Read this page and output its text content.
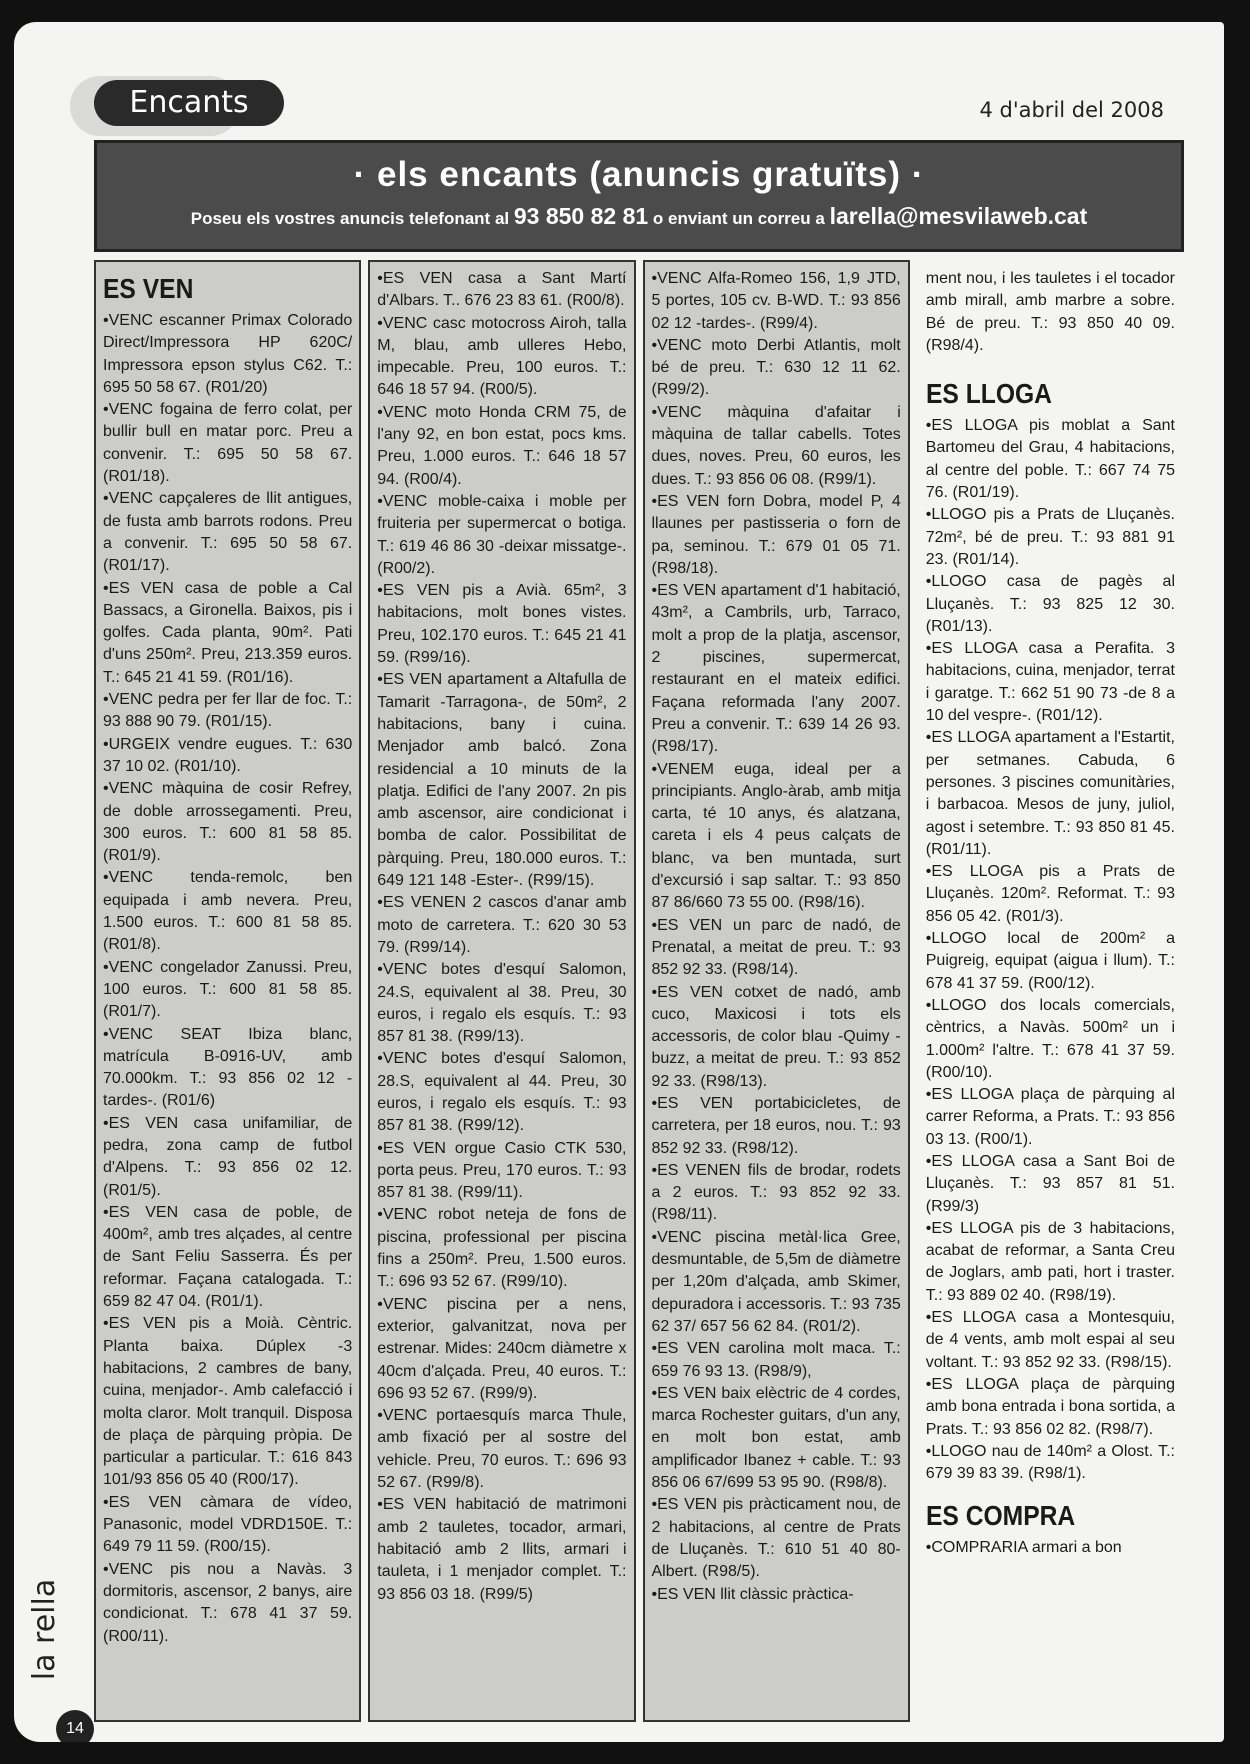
Encants	4 d'abril del 2008
· els encants (anuncis gratuïts) ·
Poseu els vostres anuncis telefonant al 93 850 82 81 o enviant un correu a larella@mesvilaweb.cat
ES VEN

•VENC escanner Primax Colorado Direct/Impressora HP 620C/ Impressora epson stylus C62. T.: 695 50 58 67. (R01/20)

•VENC fogaina de ferro colat, per bullir bull en matar porc. Preu a convenir. T.: 695 50 58 67. (R01/18).

•VENC capçaleres de llit antigues, de fusta amb barrots rodons. Preu a convenir. T.: 695 50 58 67. (R01/17).

•ES VEN casa de poble a Cal Bassacs, a Gironella. Baixos, pis i golfes. Cada planta, 90m². Pati d'uns 250m². Preu, 213.359 euros. T.: 645 21 41 59. (R01/16).

•VENC pedra per fer llar de foc. T.: 93 888 90 79. (R01/15).

•URGEIX vendre eugues. T.: 630 37 10 02. (R01/10).

•VENC màquina de cosir Refrey, de doble arrossegamenti. Preu, 300 euros. T.: 600 81 58 85. (R01/9).

•VENC tenda-remolc, ben equipada i amb nevera. Preu, 1.500 euros. T.: 600 81 58 85. (R01/8).

•VENC congelador Zanussi. Preu, 100 euros. T.: 600 81 58 85. (R01/7).

•VENC SEAT Ibiza blanc, matrícula B-0916-UV, amb 70.000km. T.: 93 856 02 12 -tardes-. (R01/6)

•ES VEN casa unifamiliar, de pedra, zona camp de futbol d'Alpens. T.: 93 856 02 12. (R01/5).

•ES VEN casa de poble, de 400m², amb tres alçades, al centre de Sant Feliu Sasserra. És per reformar. Façana catalogada. T.: 659 82 47 04. (R01/1).

•ES VEN pis a Moià. Cèntric. Planta baixa. Dúplex -3 habitacions, 2 cambres de bany, cuina, menjador-. Amb calefacció i molta claror. Molt tranquil. Disposa de plaça de pàrquing pròpia. De particular a particular. T.: 616 843 101/93 856 05 40 (R00/17).

•ES VEN càmara de vídeo, Panasonic, model VDRD150E. T.: 649 79 11 59. (R00/15).

•VENC pis nou a Navàs. 3 dormitoris, ascensor, 2 banys, aire condicionat. T.: 678 41 37 59. (R00/11).

•ES VEN casa a Sant Martí d'Albars. T.. 676 23 83 61. (R00/8).

•VENC casc motocross Airoh, talla M, blau, amb ulleres Hebo, impecable. Preu, 100 euros. T.: 646 18 57 94. (R00/5).

•VENC moto Honda CRM 75, de l'any 92, en bon estat, pocs kms. Preu, 1.000 euros. T.: 646 18 57 94. (R00/4).

•VENC moble-caixa i moble per fruiteria per supermercat o botiga. T.: 619 46 86 30 -deixar missatge-. (R00/2).

•ES VEN pis a Avià. 65m², 3 habitacions, molt bones vistes. Preu, 102.170 euros. T.: 645 21 41 59. (R99/16).

•ES VEN apartament a Altafulla de Tamarit -Tarragona-, de 50m², 2 habitacions, bany i cuina. Menjador amb balcó. Zona residencial a 10 minuts de la platja. Edifici de l'any 2007. 2n pis amb ascensor, aire condicionat i bomba de calor. Possibilitat de pàrquing. Preu, 180.000 euros. T.: 649 121 148 -Ester-. (R99/15).

•ES VENEN 2 cascos d'anar amb moto de carretera. T.: 620 30 53 79. (R99/14).

•VENC botes d'esquí Salomon, 24.S, equivalent al 38. Preu, 30 euros, i regalo els esquís. T.: 93 857 81 38. (R99/13).

•VENC botes d'esquí Salomon, 28.S, equivalent al 44. Preu, 30 euros, i regalo els esquís. T.: 93 857 81 38. (R99/12).

•ES VEN orgue Casio CTK 530, porta peus. Preu, 170 euros. T.: 93 857 81 38. (R99/11).

•VENC robot neteja de fons de piscina, professional per piscina fins a 250m². Preu, 1.500 euros. T.: 696 93 52 67. (R99/10).

•VENC piscina per a nens, exterior, galvanitzat, nova per estrenar. Mides: 240cm diàmetre x 40cm d'alçada. Preu, 40 euros. T.: 696 93 52 67. (R99/9).

•VENC portaesquís marca Thule, amb fixació per al sostre del vehicle. Preu, 70 euros. T.: 696 93 52 67. (R99/8).

•ES VEN habitació de matrimoni amb 2 tauletes, tocador, armari, habitació amb 2 llits, armari i tauleta, i 1 menjador complet. T.: 93 856 03 18. (R99/5)

•VENC Alfa-Romeo 156, 1,9 JTD, 5 portes, 105 cv. B-WD. T.: 93 856 02 12 -tardes-. (R99/4).

•VENC moto Derbi Atlantis, molt bé de preu. T.: 630 12 11 62. (R99/2).

•VENC màquina d'afaitar i màquina de tallar cabells. Totes dues, noves. Preu, 60 euros, les dues. T.: 93 856 06 08. (R99/1).

•ES VEN forn Dobra, model P, 4 llaunes per pastisseria o forn de pa, seminou. T.: 679 01 05 71. (R98/18).

•ES VEN apartament d'1 habitació, 43m², a Cambrils, urb, Tarraco, molt a prop de la platja, ascensor, 2 piscines, supermercat, restaurant en el mateix edifici. Façana reformada l'any 2007. Preu a convenir. T.: 639 14 26 93. (R98/17).

•VENEM euga, ideal per a principiants. Anglo-àrab, amb mitja carta, té 10 anys, és alatzana, careta i els 4 peus calçats de blanc, va ben muntada, surt d'excursió i sap saltar. T.: 93 850 87 86/660 73 55 00. (R98/16).

•ES VEN un parc de nadó, de Prenatal, a meitat de preu. T.: 93 852 92 33. (R98/14).

•ES VEN cotxet de nadó, amb cuco, Maxicosi i tots els accessoris, de color blau -Quimy - buzz, a meitat de preu. T.: 93 852 92 33. (R98/13).

•ES VEN portabicicletes, de carretera, per 18 euros, nou. T.: 93 852 92 33. (R98/12).

•ES VENEN fils de brodar, rodets a 2 euros. T.: 93 852 92 33. (R98/11).

•VENC piscina metàl·lica Gree, desmuntable, de 5,5m de diàmetre per 1,20m d'alçada, amb Skimer, depuradora i accessoris. T.: 93 735 62 37/ 657 56 62 84. (R01/2).

•ES VEN carolina molt maca. T.: 659 76 93 13. (R98/9),

•ES VEN baix elèctric de 4 cordes, marca Rochester guitars, d'un any, en molt bon estat, amb amplificador Ibanez + cable. T.: 93 856 06 67/699 53 95 90. (R98/8).

•ES VEN pis pràcticament nou, de 2 habitacions, al centre de Prats de Lluçanès. T.: 610 51 40 80-Albert. (R98/5).

•ES VEN llit clàssic pràctica-

ment nou, i les tauletes i el tocador amb mirall, amb marbre a sobre. Bé de preu. T.: 93 850 40 09. (R98/4).

ES LLOGA

•ES LLOGA pis moblat a Sant Bartomeu del Grau, 4 habitacions, al centre del poble. T.: 667 74 75 76. (R01/19).

•LLOGO pis a Prats de Lluçanès. 72m², bé de preu. T.: 93 881 91 23. (R01/14).

•LLOGO casa de pagès al Lluçanès. T.: 93 825 12 30. (R01/13).

•ES LLOGA casa a Perafita. 3 habitacions, cuina, menjador, terrat i garatge. T.: 662 51 90 73 -de 8 a 10 del vespre-. (R01/12).

•ES LLOGA apartament a l'Estartit, per setmanes. Cabuda, 6 persones. 3 piscines comunitàries, i barbacoa. Mesos de juny, juliol, agost i setembre. T.: 93 850 81 45. (R01/11).

•ES LLOGA pis a Prats de Lluçanès. 120m². Reformat. T.: 93 856 05 42. (R01/3).

•LLOGO local de 200m² a Puigreig, equipat (aigua i llum). T.: 678 41 37 59. (R00/12).

•LLOGO dos locals comercials, cèntrics, a Navàs. 500m² un i 1.000m² l'altre. T.: 678 41 37 59. (R00/10).

•ES LLOGA plaça de pàrquing al carrer Reforma, a Prats. T.: 93 856 03 13. (R00/1).

•ES LLOGA casa a Sant Boi de Lluçanès. T.: 93 857 81 51. (R99/3)

•ES LLOGA pis de 3 habitacions, acabat de reformar, a Santa Creu de Joglars, amb pati, hort i traster. T.: 93 889 02 40. (R98/19).

•ES LLOGA casa a Montesquiu, de 4 vents, amb molt espai al seu voltant. T.: 93 852 92 33. (R98/15).

•ES LLOGA plaça de pàrquing amb bona entrada i bona sortida, a Prats. T.: 93 856 02 82. (R98/7).

•LLOGO nau de 140m² a Olost. T.: 679 39 83 39. (R98/1).

ES COMPRA

•COMPRARIA armari a bon

la rella
14
